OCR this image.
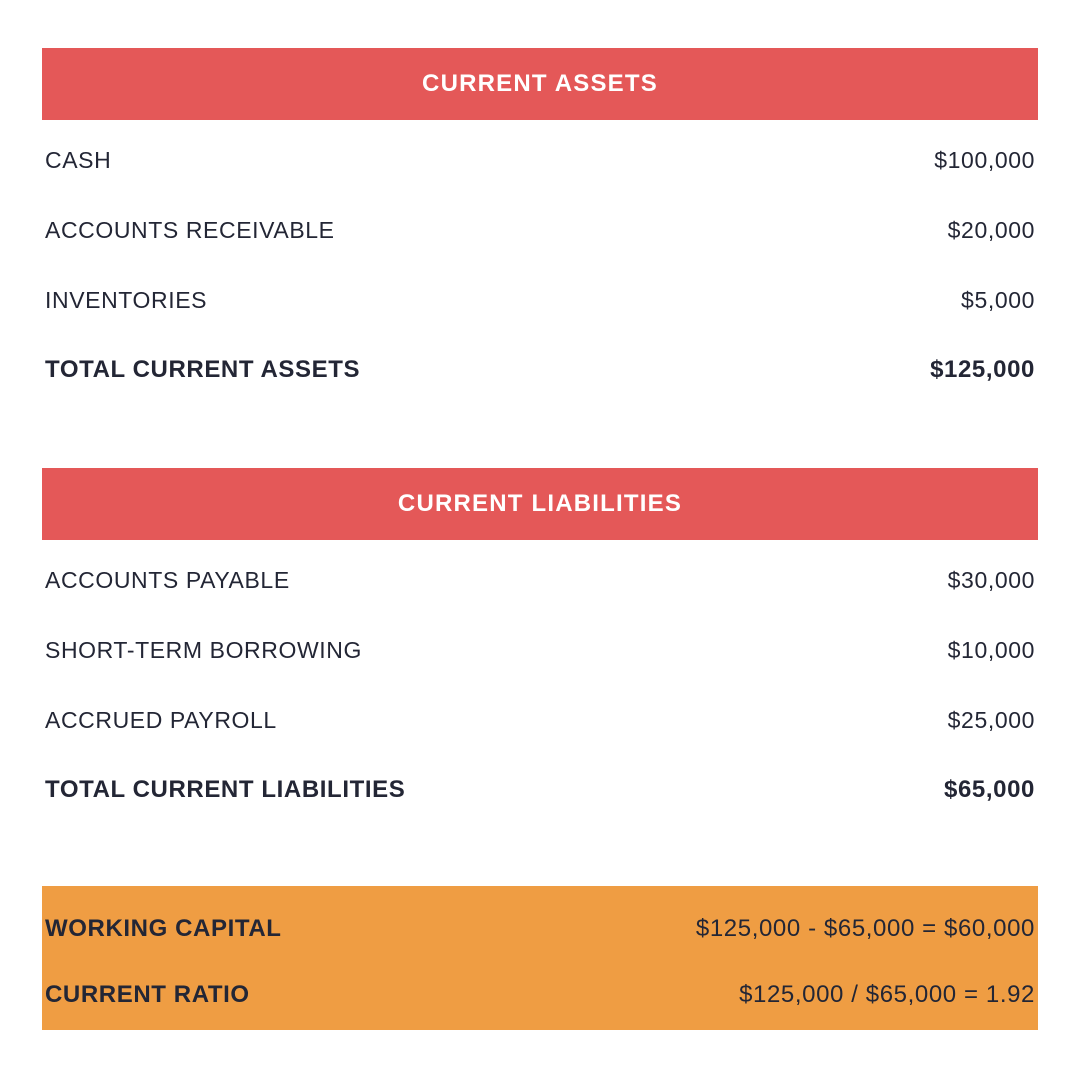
CURRENT ASSETS
CASH	$100,000
ACCOUNTS RECEIVABLE	$20,000
INVENTORIES	$5,000
TOTAL CURRENT ASSETS	$125,000
CURRENT LIABILITIES
ACCOUNTS PAYABLE	$30,000
SHORT-TERM BORROWING	$10,000
ACCRUED PAYROLL	$25,000
TOTAL CURRENT LIABILITIES	$65,000
WORKING CAPITAL	$125,000 - $65,000 = $60,000
CURRENT RATIO	$125,000 / $65,000 = 1.92
